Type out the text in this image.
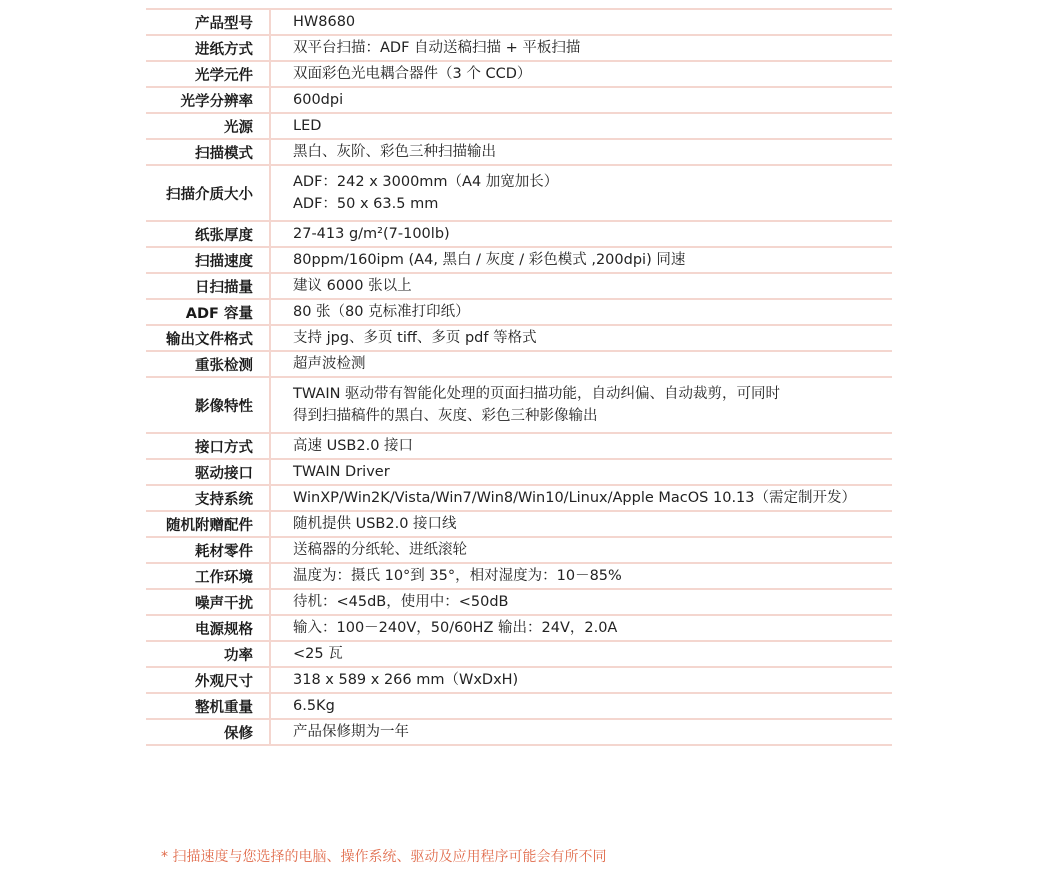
产品型号	HW8680

进纸方式	双平台扫描：ADF 自动送稿扫描 + 平板扫描

光学元件	双面彩色光电耦合器件（3 个 CCD）

光学分辨率	600dpi

光源	LED

扫描模式	黑白、灰阶、彩色三种扫描输出

扫描介质大小	ADF：242 x 3000mm（A4 加宽加长）
ADF：50 x 63.5 mm

纸张厚度	27-413 g/m²(7-100lb)

扫描速度	80ppm/160ipm (A4, 黑白 / 灰度 / 彩色模式 ,200dpi) 同速

日扫描量	建议 6000 张以上

ADF 容量	80 张（80 克标准打印纸）

输出文件格式	支持 jpg、多页 tiff、多页 pdf 等格式

重张检测	超声波检测

影像特性	TWAIN 驱动带有智能化处理的页面扫描功能，自动纠偏、自动裁剪，可同时
得到扫描稿件的黑白、灰度、彩色三种影像输出

接口方式	高速 USB2.0 接口

驱动接口	TWAIN Driver

支持系统	WinXP/Win2K/Vista/Win7/Win8/Win10/Linux/Apple MacOS 10.13（需定制开发）

随机附赠配件	随机提供 USB2.0 接口线

耗材零件	送稿器的分纸轮、进纸滚轮

工作环境	温度为：摄氏 10°到 35°，相对湿度为：10－85%

噪声干扰	待机：<45dB，使用中：<50dB

电源规格	输入：100－240V，50/60HZ 输出：24V，2.0A

功率	<25 瓦

外观尺寸	318 x 589 x 266 mm（WxDxH)

整机重量	6.5Kg

保修	产品保修期为一年
* 扫描速度与您选择的电脑、操作系统、驱动及应用程序可能会有所不同
